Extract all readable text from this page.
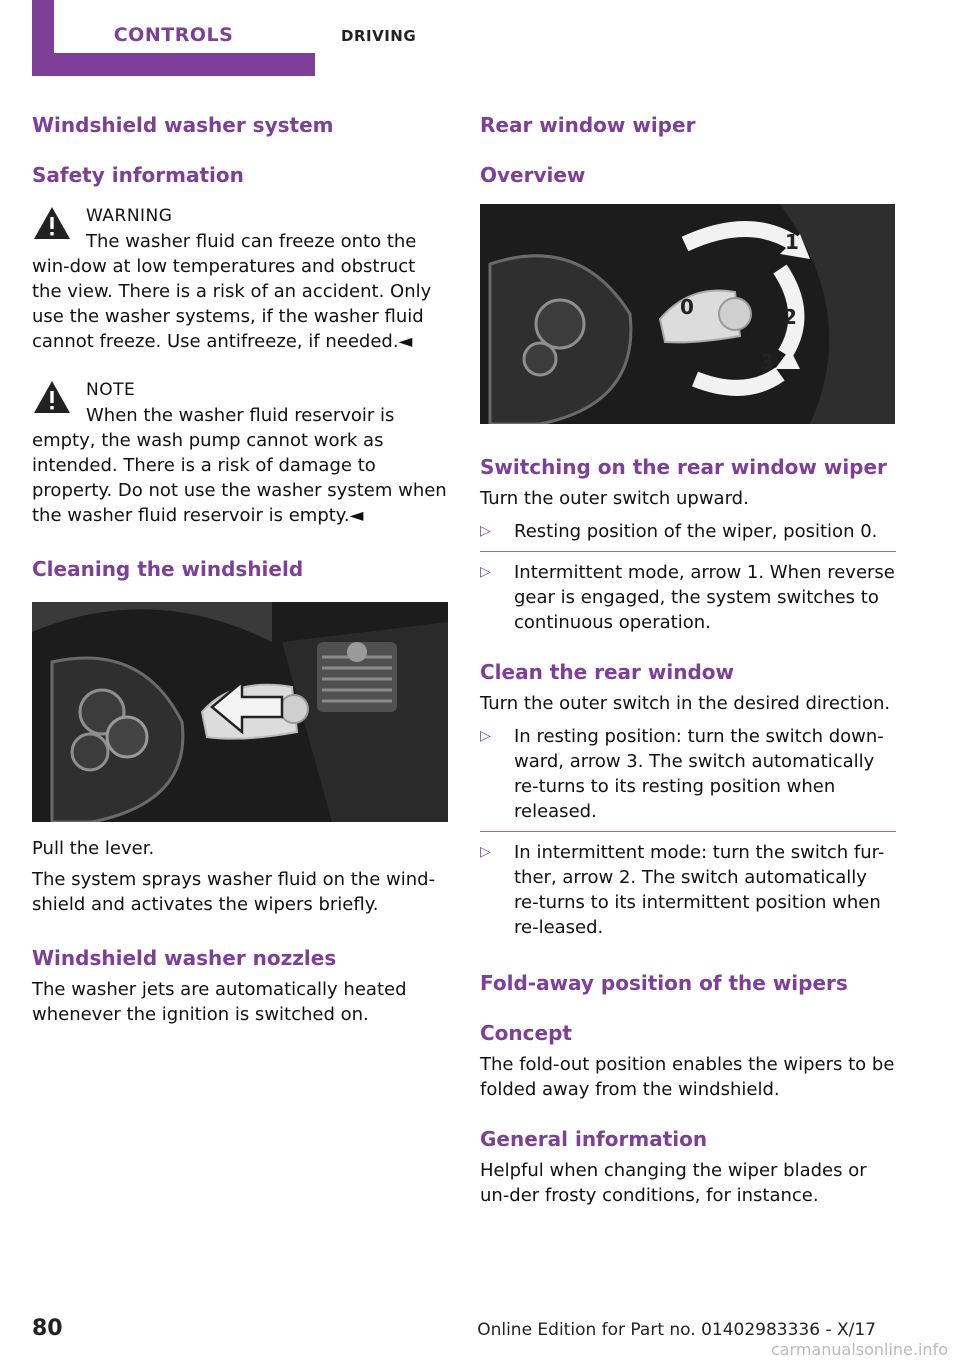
CONTROLS	DRIVING
Windshield washer system
Safety information
WARNING
The washer fluid can freeze onto the win-dow at low temperatures and obstruct the view. There is a risk of an accident. Only use the washer systems, if the washer fluid cannot freeze. Use antifreeze, if needed.◄
NOTE
When the washer fluid reservoir is empty, the wash pump cannot work as intended. There is a risk of damage to property. Do not use the washer system when the washer fluid reservoir is empty.◄
Cleaning the windshield

Pull the lever.

The system sprays washer fluid on the wind-shield and activates the wipers briefly.

Windshield washer nozzles

The washer jets are automatically heated whenever the ignition is switched on.

Rear window wiper
Overview
0
1
2
3
Switching on the rear window wiper

Turn the outer switch upward.

▷ Resting position of the wiper, position 0.
▷ Intermittent mode, arrow 1. When reverse gear is engaged, the system switches to continuous operation.
Clean the rear window

Turn the outer switch in the desired direction.

▷ In resting position: turn the switch down-ward, arrow 3. The switch automatically re-turns to its resting position when released.
▷ In intermittent mode: turn the switch fur-ther, arrow 2. The switch automatically re-turns to its intermittent position when re-leased.
Fold-away position of the wipers
Concept

The fold-out position enables the wipers to be folded away from the windshield.

General information

Helpful when changing the wiper blades or un-der frosty conditions, for instance.

80	Online Edition for Part no. 01402983336 - X/17
carmanualsonline.info
